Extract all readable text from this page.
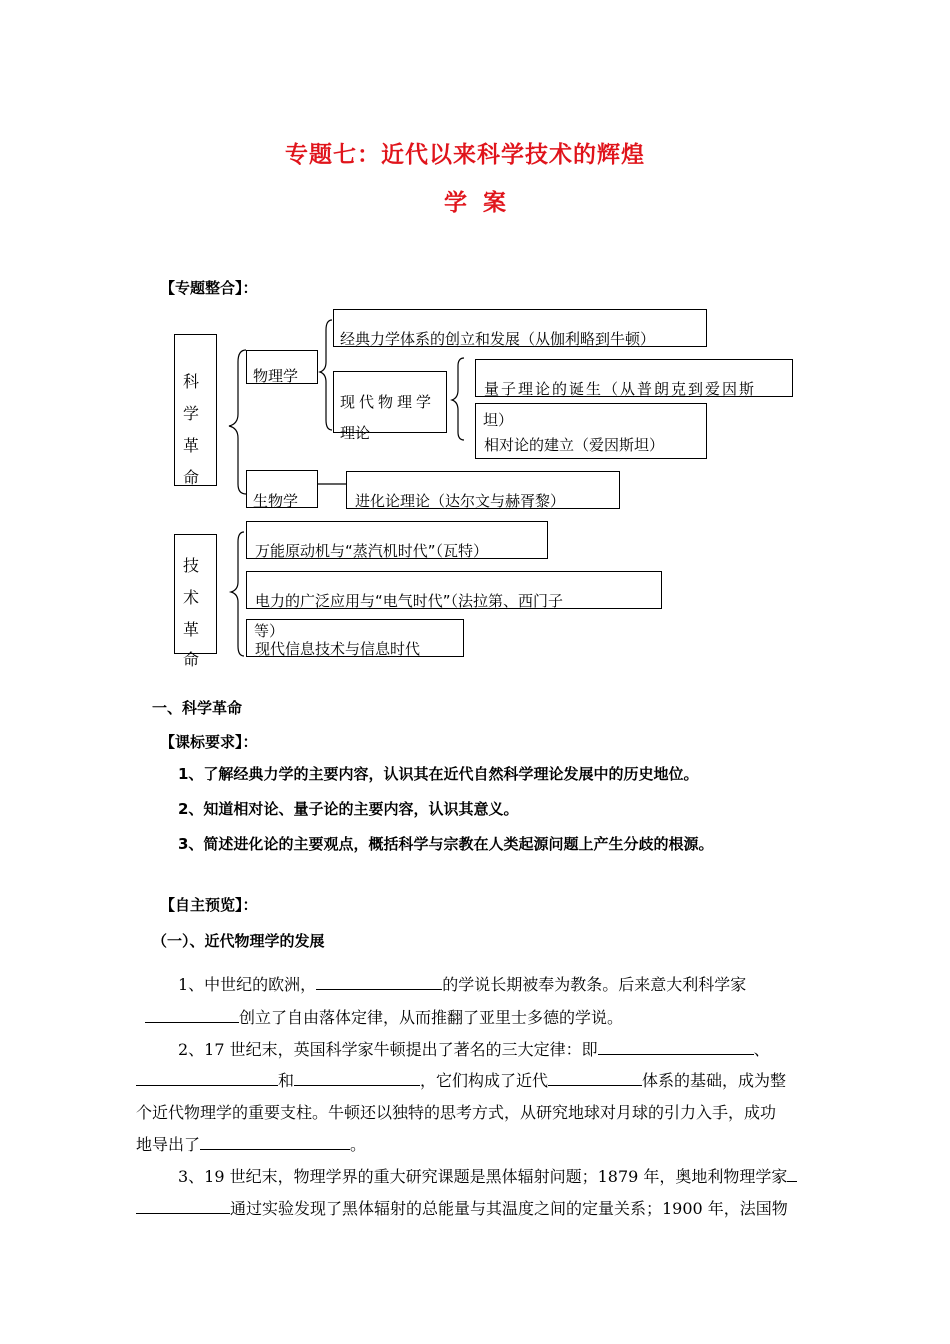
专题七：近代以来科学技术的辉煌
学 案
【专题整合】：
科
学
革
命
物理学
经典力学体系的创立和发展（从伽利略到牛顿）
现代物理学
理论
量子理论的诞生（从普朗克到爱因斯
坦）
相对论的建立（爱因斯坦）
生物学	进化论理论（达尔文与赫胥黎）
技
术
革
命
万能原动机与“蒸汽机时代”（瓦特）
电力的广泛应用与“电气时代”（法拉第、西门子
等）
现代信息技术与信息时代
一、科学革命
【课标要求】：
1、了解经典力学的主要内容，认识其在近代自然科学理论发展中的历史地位。
2、知道相对论、量子论的主要内容，认识其意义。
3、简述进化论的主要观点，概括科学与宗教在人类起源问题上产生分歧的根源。
【自主预览】：
（一）、近代物理学的发展
1、中世纪的欧洲，	的学说长期被奉为教条。后来意大利科学家
创立了自由落体定律，从而推翻了亚里士多德的学说。
2、17 世纪末，英国科学家牛顿提出了著名的三大定律：即	、
和	，它们构成了近代	体系的基础，成为整
个近代物理学的重要支柱。牛顿还以独特的思考方式，从研究地球对月球的引力入手，成功
地导出了	。
3、19 世纪末，物理学界的重大研究课题是黑体辐射问题；1879 年，奥地利物理学家
通过实验发现了黑体辐射的总能量与其温度之间的定量关系；1900 年，法国物
